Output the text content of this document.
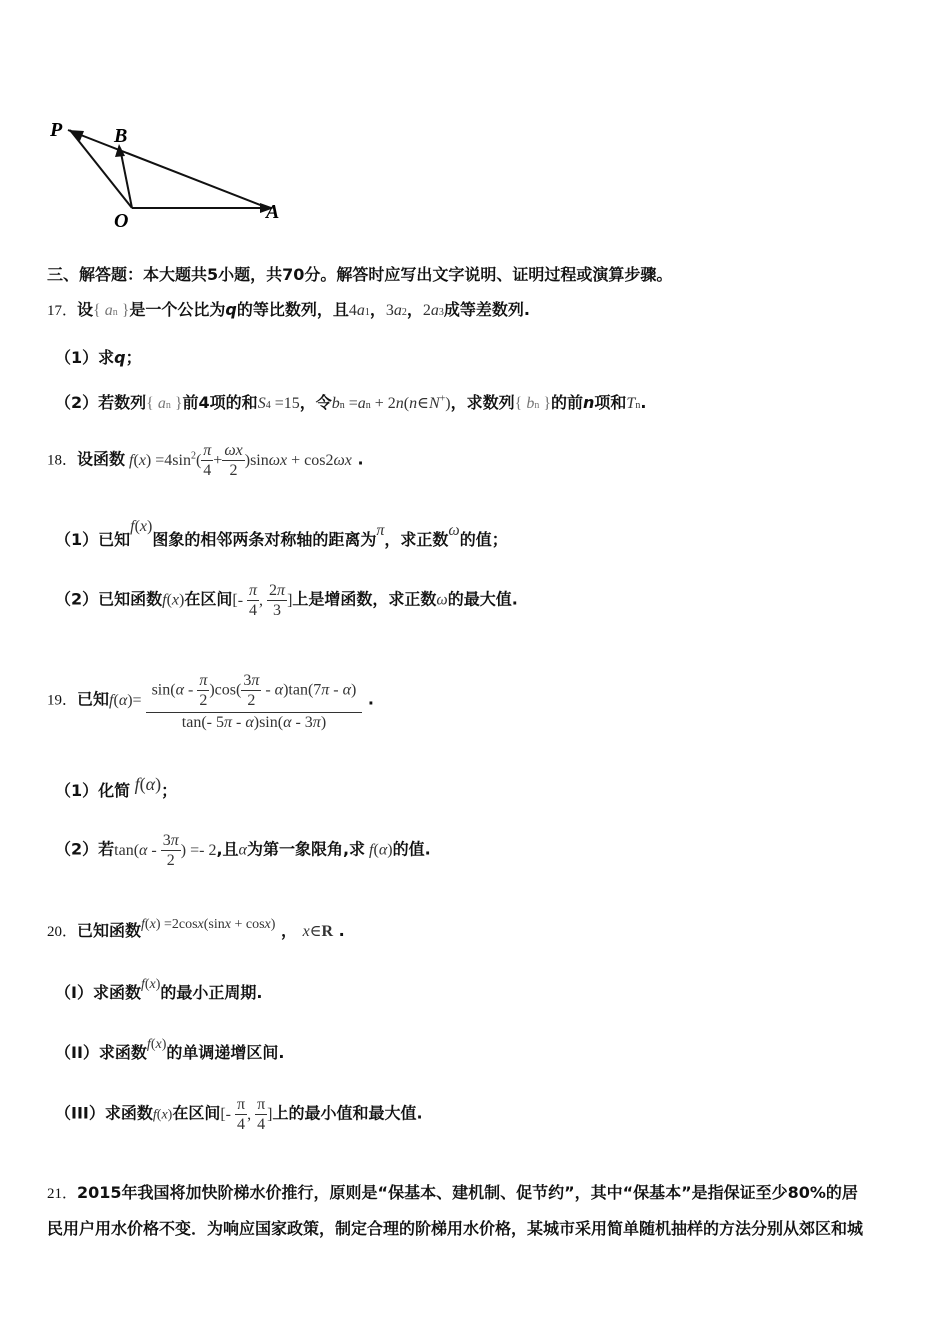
P	B
O	A
三、解答题：本大题共5小题，共70分。解答时应写出文字说明、证明过程或演算步骤。
17．设{ an }是一个公比为q的等比数列，且4a1，3a2，2a3成等差数列.
（1）求q；
（2）若数列{ an }前4项的和S4 =15，令bn =an + 2n(n∈N+)，求数列{ bn }的前n项和Tn.
18．设函数 $f(x) =4\sin^2( \frac{\pi}{4} + \frac{\omega x}{2} )\sin\omega x + \cos 2\omega x$ .
（1）已知f(x)图象的相邻两条对称轴的距离为π，求正数ω的值；
（2）已知函数f(x)在区间[- $\frac{\pi}{4}$ , $\frac{2\pi}{3}$ ]上是增函数，求正数ω的最大值.
19．已知$f(\alpha)= \frac{\sin(\alpha - \frac{\pi}{2} )\cos( \frac{3\pi}{2} - \alpha)\tan(7\pi - \alpha)}{\tan(- 5\pi - \alpha)\sin(\alpha - 3\pi)}$ .
（1）化简 f(α)；
（2）若$\tan(\alpha - \frac{3\pi}{2}$ ) =- 2,且α为第一象限角,求 f(α)的值.
20．已知函数f(x) =2cosx(sinx + cosx) ， x∈R .
（I）求函数f(x)的最小正周期.
（II）求函数f(x)的单调递增区间.
（III）求函数f(x)在区间[- $\frac{\pi}{4}$ , $\frac{\pi}{4}$ ]上的最小值和最大值.
21．2015年我国将加快阶梯水价推行，原则是“保基本、建机制、促节约”，其中“保基本”是指保证至少80%的居
民用户用水价格不变．为响应国家政策，制定合理的阶梯用水价格，某城市采用简单随机抽样的方法分别从郊区和城
